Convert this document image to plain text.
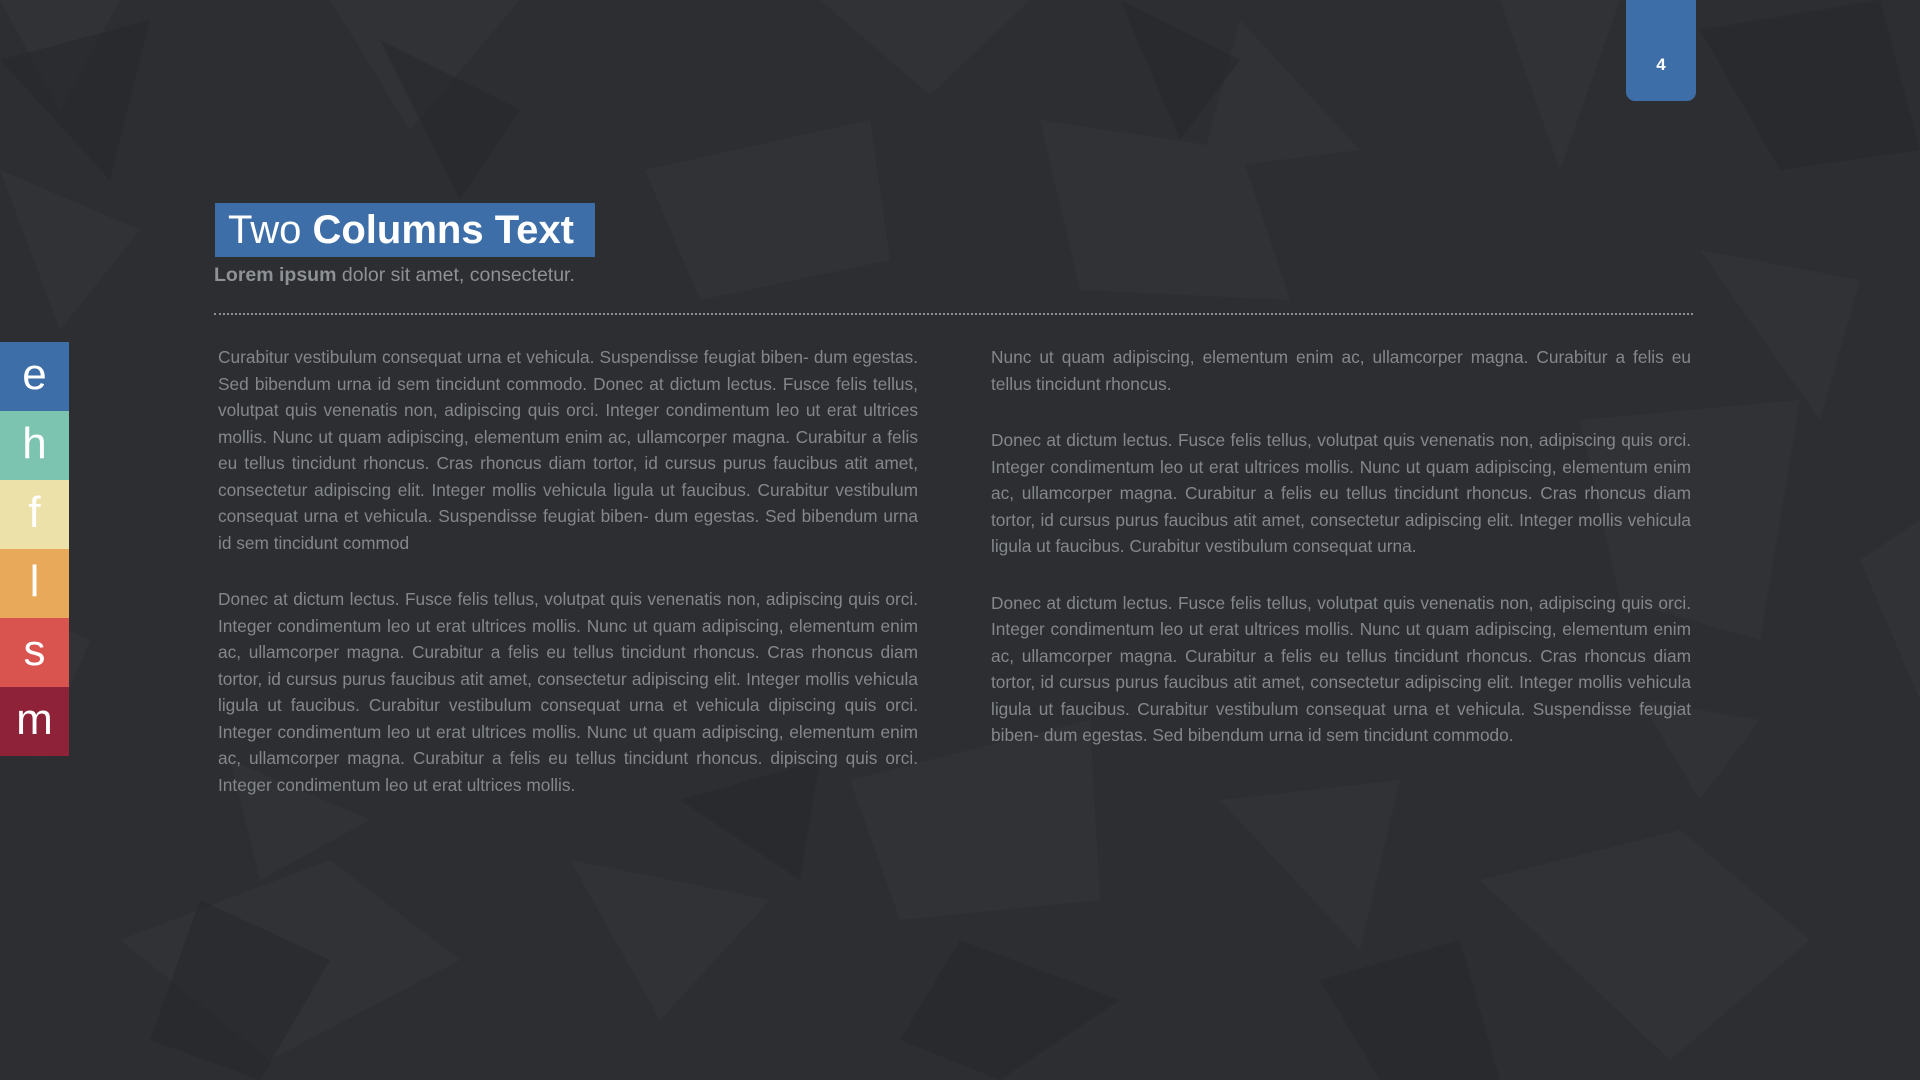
4
Two Columns Text
Lorem ipsum dolor sit amet, consectetur.

Curabitur vestibulum consequat urna et vehicula. Suspendisse feugiat biben- dum egestas. Sed bibendum urna id sem tincidunt commodo. Donec at dictum lectus. Fusce felis tellus, volutpat quis venenatis non, adipiscing quis orci. Integer condimentum leo ut erat ultrices mollis. Nunc ut quam adipiscing, elementum enim ac, ullamcorper magna. Curabitur a felis eu tellus tincidunt rhoncus. Cras rhoncus diam tortor, id cursus purus faucibus atit amet, consectetur adipiscing elit. Integer mollis vehicula ligula ut faucibus. Curabitur vestibulum consequat urna et vehicula. Suspendisse feugiat biben- dum egestas. Sed bibendum urna id sem tincidunt commod

Donec at dictum lectus. Fusce felis tellus, volutpat quis venenatis non, adipiscing quis orci. Integer condimentum leo ut erat ultrices mollis. Nunc ut quam adipiscing, elementum enim ac, ullamcorper magna. Curabitur a felis eu tellus tincidunt rhoncus. Cras rhoncus diam tortor, id cursus purus faucibus atit amet, consectetur adipiscing elit. Integer mollis vehicula ligula ut faucibus. Curabitur vestibulum consequat urna et vehicula dipiscing quis orci. Integer condimentum leo ut erat ultrices mollis. Nunc ut quam adipiscing, elementum enim ac, ullamcorper magna. Curabitur a felis eu tellus tincidunt rhoncus. dipiscing quis orci. Integer condimentum leo ut erat ultrices mollis.

Nunc ut quam adipiscing, elementum enim ac, ullamcorper magna. Curabitur a felis eu tellus tincidunt rhoncus.

Donec at dictum lectus. Fusce felis tellus, volutpat quis venenatis non, adipiscing quis orci. Integer condimentum leo ut erat ultrices mollis. Nunc ut quam adipiscing, elementum enim ac, ullamcorper magna. Curabitur a felis eu tellus tincidunt rhoncus. Cras rhoncus diam tortor, id cursus purus faucibus atit amet, consectetur adipiscing elit. Integer mollis vehicula ligula ut faucibus. Curabitur vestibulum consequat urna.

Donec at dictum lectus. Fusce felis tellus, volutpat quis venenatis non, adipiscing quis orci. Integer condimentum leo ut erat ultrices mollis. Nunc ut quam adipiscing, elementum enim ac, ullamcorper magna. Curabitur a felis eu tellus tincidunt rhoncus. Cras rhoncus diam tortor, id cursus purus faucibus atit amet, consectetur adipiscing elit. Integer mollis vehicula ligula ut faucibus. Curabitur vestibulum consequat urna et vehicula. Suspendisse feugiat biben- dum egestas. Sed bibendum urna id sem tincidunt commodo.

e
h
f
l
s
m
